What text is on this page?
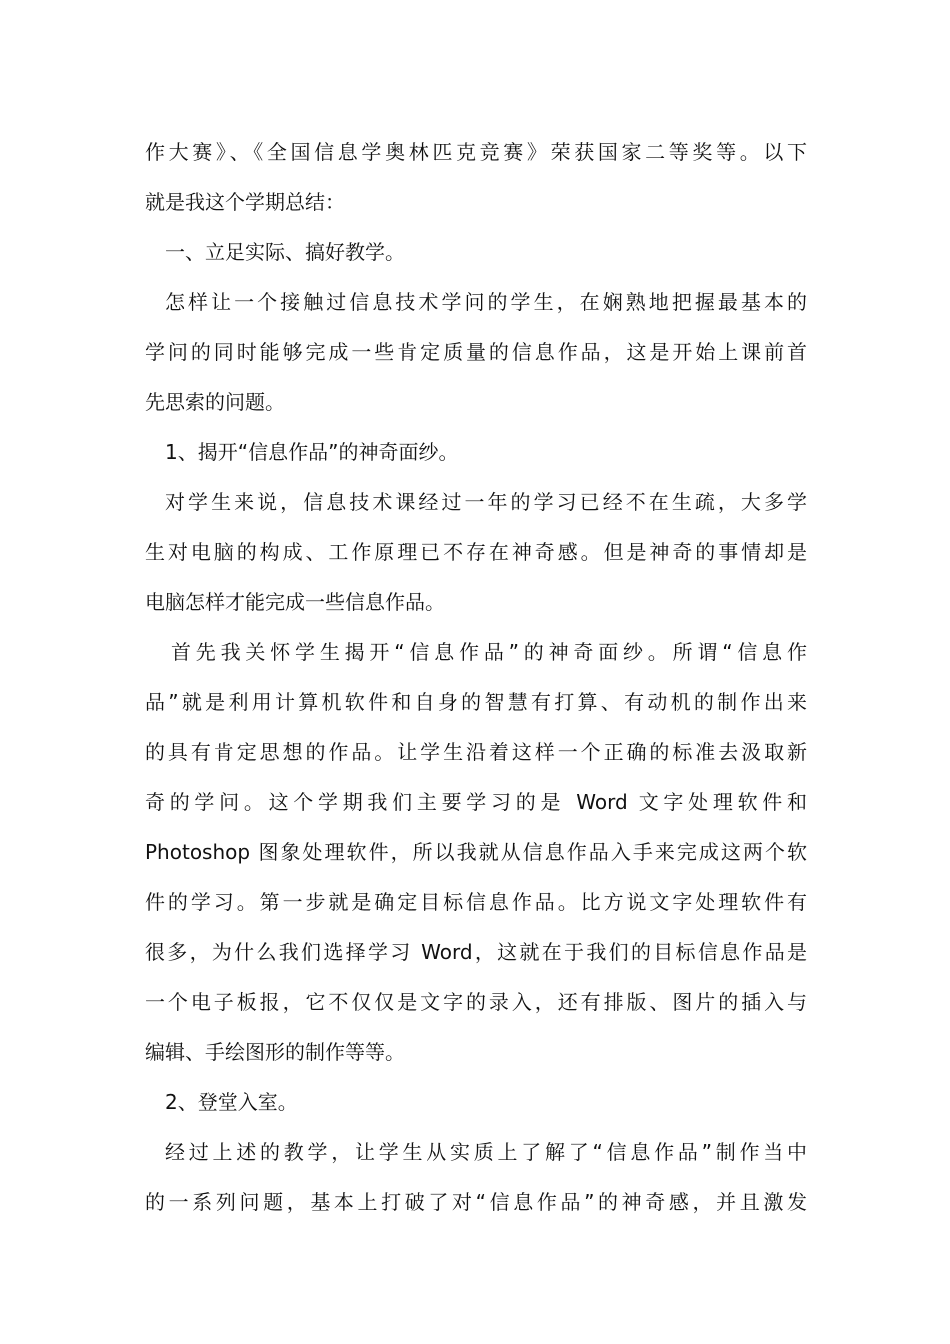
作大赛》、《全国信息学奥林匹克竞赛》荣获国家二等奖等。以下
就是我这个学期总结：
一、立足实际、搞好教学。
怎样让一个接触过信息技术学问的学生，在娴熟地把握最基本的
学问的同时能够完成一些肯定质量的信息作品，这是开始上课前首
先思索的问题。
1、揭开“信息作品”的神奇面纱。
对学生来说，信息技术课经过一年的学习已经不在生疏，大多学
生对电脑的构成、工作原理已不存在神奇感。但是神奇的事情却是
电脑怎样才能完成一些信息作品。
首先我关怀学生揭开“信息作品”的神奇面纱。所谓“信息作
品”就是利用计算机软件和自身的智慧有打算、有动机的制作出来
的具有肯定思想的作品。让学生沿着这样一个正确的标准去汲取新
奇的学问。这个学期我们主要学习的是 Word 文字处理软件和
Photoshop 图象处理软件，所以我就从信息作品入手来完成这两个软
件的学习。第一步就是确定目标信息作品。比方说文字处理软件有
很多，为什么我们选择学习 Word，这就在于我们的目标信息作品是
一个电子板报，它不仅仅是文字的录入，还有排版、图片的插入与
编辑、手绘图形的制作等等。
2、登堂入室。
经过上述的教学，让学生从实质上了解了“信息作品”制作当中
的一系列问题，基本上打破了对“信息作品”的神奇感，并且激发
